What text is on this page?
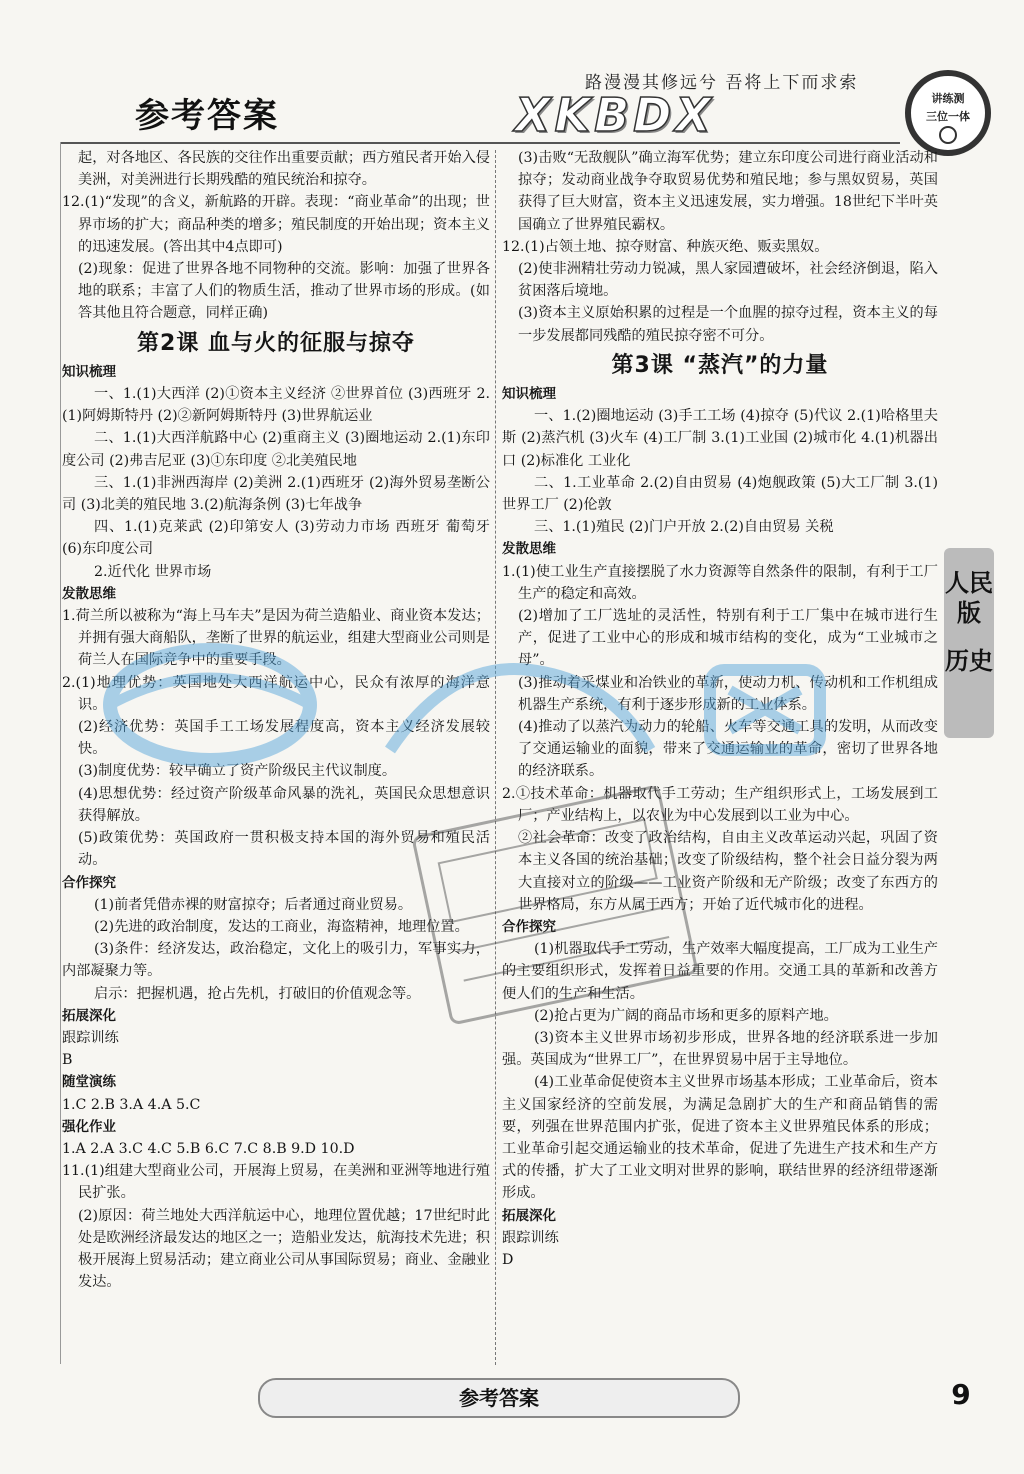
参考答案
路漫漫其修远兮 吾将上下而求索
XKBDX	讲练测
三位一体

起，对各地区、各民族的交往作出重要贡献；西方殖民者开始入侵美洲，对美洲进行长期残酷的殖民统治和掠夺。

12.(1)“发现”的含义，新航路的开辟。表现：“商业革命”的出现；世界市场的扩大；商品种类的增多；殖民制度的开始出现；资本主义的迅速发展。(答出其中4点即可)

(2)现象：促进了世界各地不同物种的交流。影响：加强了世界各地的联系；丰富了人们的物质生活，推动了世界市场的形成。(如答其他且符合题意，同样正确)

第2课 血与火的征服与掠夺

知识梳理

一、1.(1)大西洋 (2)①资本主义经济 ②世界首位 (3)西班牙 2.(1)阿姆斯特丹 (2)②新阿姆斯特丹 (3)世界航运业

二、1.(1)大西洋航路中心 (2)重商主义 (3)圈地运动 2.(1)东印度公司 (2)弗吉尼亚 (3)①东印度 ②北美殖民地

三、1.(1)非洲西海岸 (2)美洲 2.(1)西班牙 (2)海外贸易垄断公司 (3)北美的殖民地 3.(2)航海条例 (3)七年战争

四、1.(1)克莱武 (2)印第安人 (3)劳动力市场 西班牙 葡萄牙 (6)东印度公司

2.近代化 世界市场

发散思维

1.荷兰所以被称为“海上马车夫”是因为荷兰造船业、商业资本发达；并拥有强大商船队，垄断了世界的航运业，组建大型商业公司则是荷兰人在国际竞争中的重要手段。

2.(1)地理优势：英国地处大西洋航运中心，民众有浓厚的海洋意识。

(2)经济优势：英国手工工场发展程度高，资本主义经济发展较快。

(3)制度优势：较早确立了资产阶级民主代议制度。

(4)思想优势：经过资产阶级革命风暴的洗礼，英国民众思想意识获得解放。

(5)政策优势：英国政府一贯积极支持本国的海外贸易和殖民活动。

合作探究

(1)前者凭借赤裸的财富掠夺；后者通过商业贸易。

(2)先进的政治制度，发达的工商业，海盗精神，地理位置。

(3)条件：经济发达，政治稳定，文化上的吸引力，军事实力，内部凝聚力等。

启示：把握机遇，抢占先机，打破旧的价值观念等。

拓展深化

跟踪训练

B

随堂演练

1.C 2.B 3.A 4.A 5.C

强化作业

1.A 2.A 3.C 4.C 5.B 6.C 7.C 8.B 9.D 10.D

11.(1)组建大型商业公司，开展海上贸易，在美洲和亚洲等地进行殖民扩张。

(2)原因：荷兰地处大西洋航运中心，地理位置优越；17世纪时此处是欧洲经济最发达的地区之一；造船业发达，航海技术先进；积极开展海上贸易活动；建立商业公司从事国际贸易；商业、金融业发达。

(3)击败“无敌舰队”确立海军优势；建立东印度公司进行商业活动和掠夺；发动商业战争夺取贸易优势和殖民地；参与黑奴贸易，英国获得了巨大财富，资本主义迅速发展，实力增强。18世纪下半叶英国确立了世界殖民霸权。

12.(1)占领土地、掠夺财富、种族灭绝、贩卖黑奴。

(2)使非洲精壮劳动力锐减，黑人家园遭破坏，社会经济倒退，陷入贫困落后境地。

(3)资本主义原始积累的过程是一个血腥的掠夺过程，资本主义的每一步发展都同残酷的殖民掠夺密不可分。

第3课 “蒸汽”的力量

知识梳理

一、1.(2)圈地运动 (3)手工工场 (4)掠夺 (5)代议 2.(1)哈格里夫斯 (2)蒸汽机 (3)火车 (4)工厂制 3.(1)工业国 (2)城市化 4.(1)机器出口 (2)标准化 工业化

二、1.工业革命 2.(2)自由贸易 (4)炮舰政策 (5)大工厂制 3.(1)世界工厂 (2)伦敦

三、1.(1)殖民 (2)门户开放 2.(2)自由贸易 关税

发散思维

1.(1)使工业生产直接摆脱了水力资源等自然条件的限制，有利于工厂生产的稳定和高效。

(2)增加了工厂选址的灵活性，特别有利于工厂集中在城市进行生产，促进了工业中心的形成和城市结构的变化，成为“工业城市之母”。

(3)推动着采煤业和冶铁业的革新，使动力机、传动机和工作机组成机器生产系统，有利于逐步形成新的工业体系。

(4)推动了以蒸汽为动力的轮船、火车等交通工具的发明，从而改变了交通运输业的面貌，带来了交通运输业的革命，密切了世界各地的经济联系。

2.①技术革命：机器取代手工劳动；生产组织形式上，工场发展到工厂；产业结构上，以农业为中心发展到以工业为中心。

②社会革命：改变了政治结构，自由主义改革运动兴起，巩固了资本主义各国的统治基础；改变了阶级结构，整个社会日益分裂为两大直接对立的阶级——工业资产阶级和无产阶级；改变了东西方的世界格局，东方从属于西方；开始了近代城市化的进程。

合作探究

(1)机器取代手工劳动，生产效率大幅度提高，工厂成为工业生产的主要组织形式，发挥着日益重要的作用。交通工具的革新和改善方便人们的生产和生活。

(2)抢占更为广阔的商品市场和更多的原料产地。

(3)资本主义世界市场初步形成，世界各地的经济联系进一步加强。英国成为“世界工厂”，在世界贸易中居于主导地位。

(4)工业革命促使资本主义世界市场基本形成；工业革命后，资本主义国家经济的空前发展，为满足急剧扩大的生产和商品销售的需要，列强在世界范围内扩张，促进了资本主义世界殖民体系的形成；工业革命引起交通运输业的技术革命，促进了先进生产技术和生产方式的传播，扩大了工业文明对世界的影响，联结世界的经济纽带逐渐形成。

拓展深化

跟踪训练

D

人民版
历史
参考答案	9
